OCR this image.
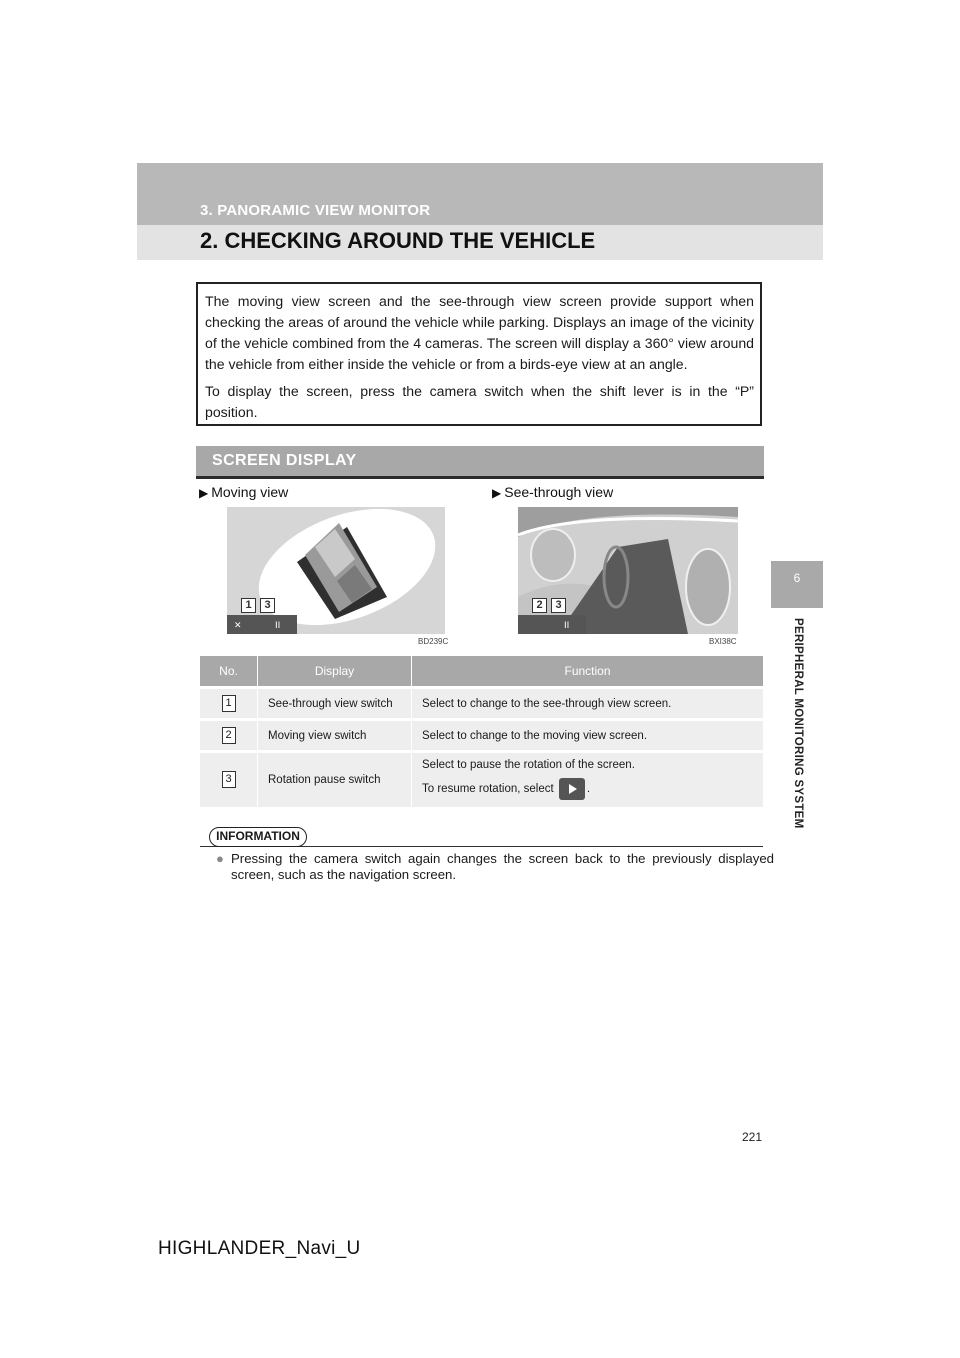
3. PANORAMIC VIEW MONITOR
2. CHECKING AROUND THE VEHICLE
6
PERIPHERAL MONITORING SYSTEM

The moving view screen and the see-through view screen provide support when checking the areas of around the vehicle while parking. Displays an image of the vicinity of the vehicle combined from the 4 cameras. The screen will display a 360° view around the vehicle from either inside the vehicle or from a birds-eye view at an angle.

To display the screen, press the camera switch when the shift lever is in the “P” position.

SCREEN DISPLAY
▶ Moving view	▶ See-through view
✕	II
1	3
BD239C
II
2	3
BXI38C
No.	Display	Function
1	See-through view switch	Select to change to the see-through view screen.
2	Moving view switch	Select to change to the moving view screen.
3	Rotation pause switch	Select to pause the rotation of the screen.
To resume rotation, select .
INFORMATION
● Pressing the camera switch again changes the screen back to the previously displayed screen, such as the navigation screen.
221
HIGHLANDER_Navi_U
